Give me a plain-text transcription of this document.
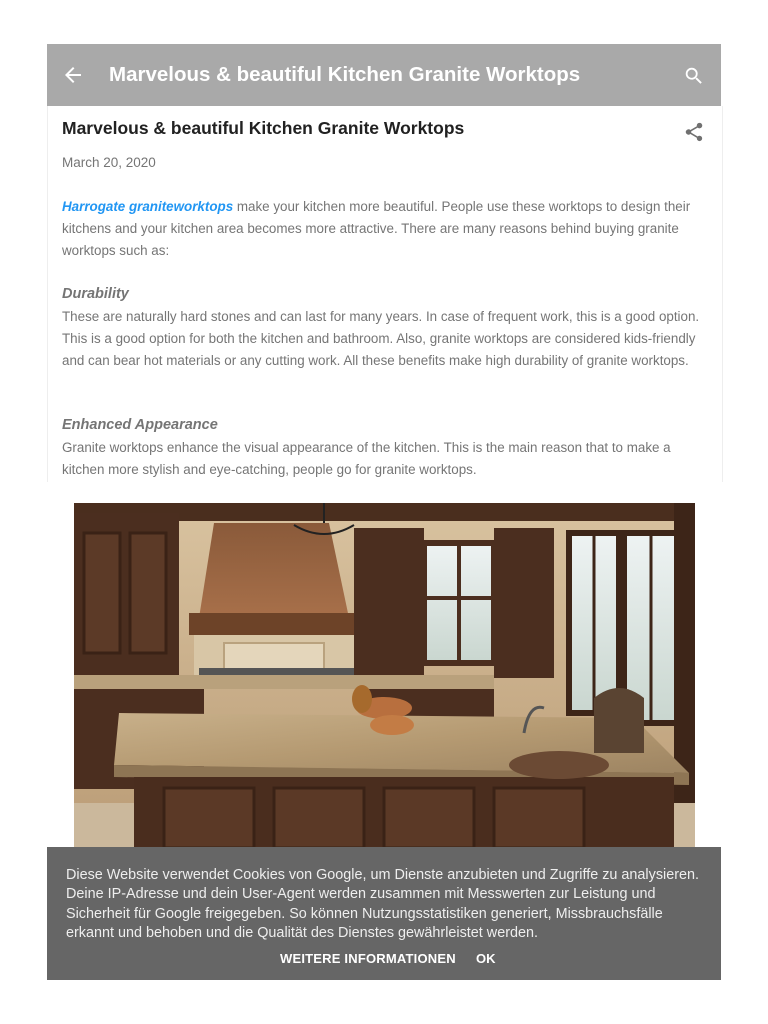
Marvelous & beautiful Kitchen Granite Worktops
Marvelous & beautiful Kitchen Granite Worktops
March 20, 2020
Harrogate graniteworktops make your kitchen more beautiful. People use these worktops to design their kitchens and your kitchen area becomes more attractive. There are many reasons behind buying granite worktops such as:
Durability
These are naturally hard stones and can last for many years. In case of frequent work, this is a good option. This is a good option for both the kitchen and bathroom. Also, granite worktops are considered kids-friendly and can bear hot materials or any cutting work. All these benefits make high durability of granite worktops.
Enhanced Appearance
Granite worktops enhance the visual appearance of the kitchen. This is the main reason that to make a kitchen more stylish and eye-catching, people go for granite worktops.
Diese Website verwendet Cookies von Google, um Dienste anzubieten und Zugriffe zu analysieren. Deine IP-Adresse und dein User-Agent werden zusammen mit Messwerten zur Leistung und Sicherheit für Google freigegeben. So können Nutzungsstatistiken generiert, Missbrauchsfälle erkannt und behoben und die Qualität des Dienstes gewährleistet werden.
WEITERE INFORMATIONEN OK
